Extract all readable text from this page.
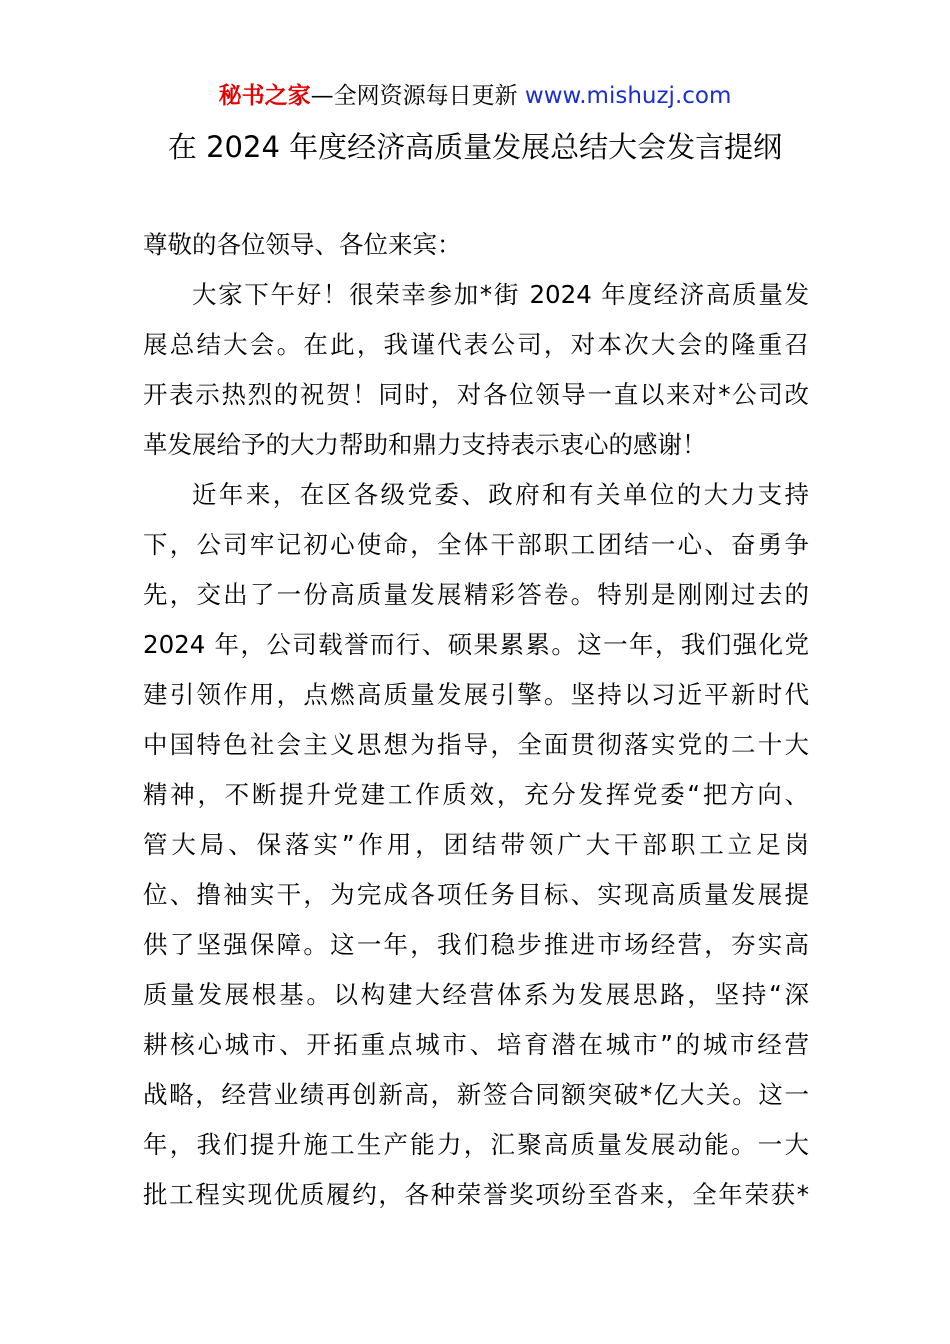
秘书之家—全网资源每日更新 www.mishuzj.com
在 2024 年度经济高质量发展总结大会发言提纲
尊敬的各位领导、各位来宾：
大家下午好！很荣幸参加*街 2024 年度经济高质量发
展总结大会。在此，我谨代表公司，对本次大会的隆重召
开表示热烈的祝贺！同时，对各位领导一直以来对*公司改
革发展给予的大力帮助和鼎力支持表示衷心的感谢！
近年来，在区各级党委、政府和有关单位的大力支持
下，公司牢记初心使命，全体干部职工团结一心、奋勇争
先，交出了一份高质量发展精彩答卷。特别是刚刚过去的
2024 年，公司载誉而行、硕果累累。这一年，我们强化党
建引领作用，点燃高质量发展引擎。坚持以习近平新时代
中国特色社会主义思想为指导，全面贯彻落实党的二十大
精神，不断提升党建工作质效，充分发挥党委“把方向、
管大局、保落实”作用，团结带领广大干部职工立足岗
位、撸袖实干，为完成各项任务目标、实现高质量发展提
供了坚强保障。这一年，我们稳步推进市场经营，夯实高
质量发展根基。以构建大经营体系为发展思路，坚持“深
耕核心城市、开拓重点城市、培育潜在城市”的城市经营
战略，经营业绩再创新高，新签合同额突破*亿大关。这一
年，我们提升施工生产能力，汇聚高质量发展动能。一大
批工程实现优质履约，各种荣誉奖项纷至沓来，全年荣获*
